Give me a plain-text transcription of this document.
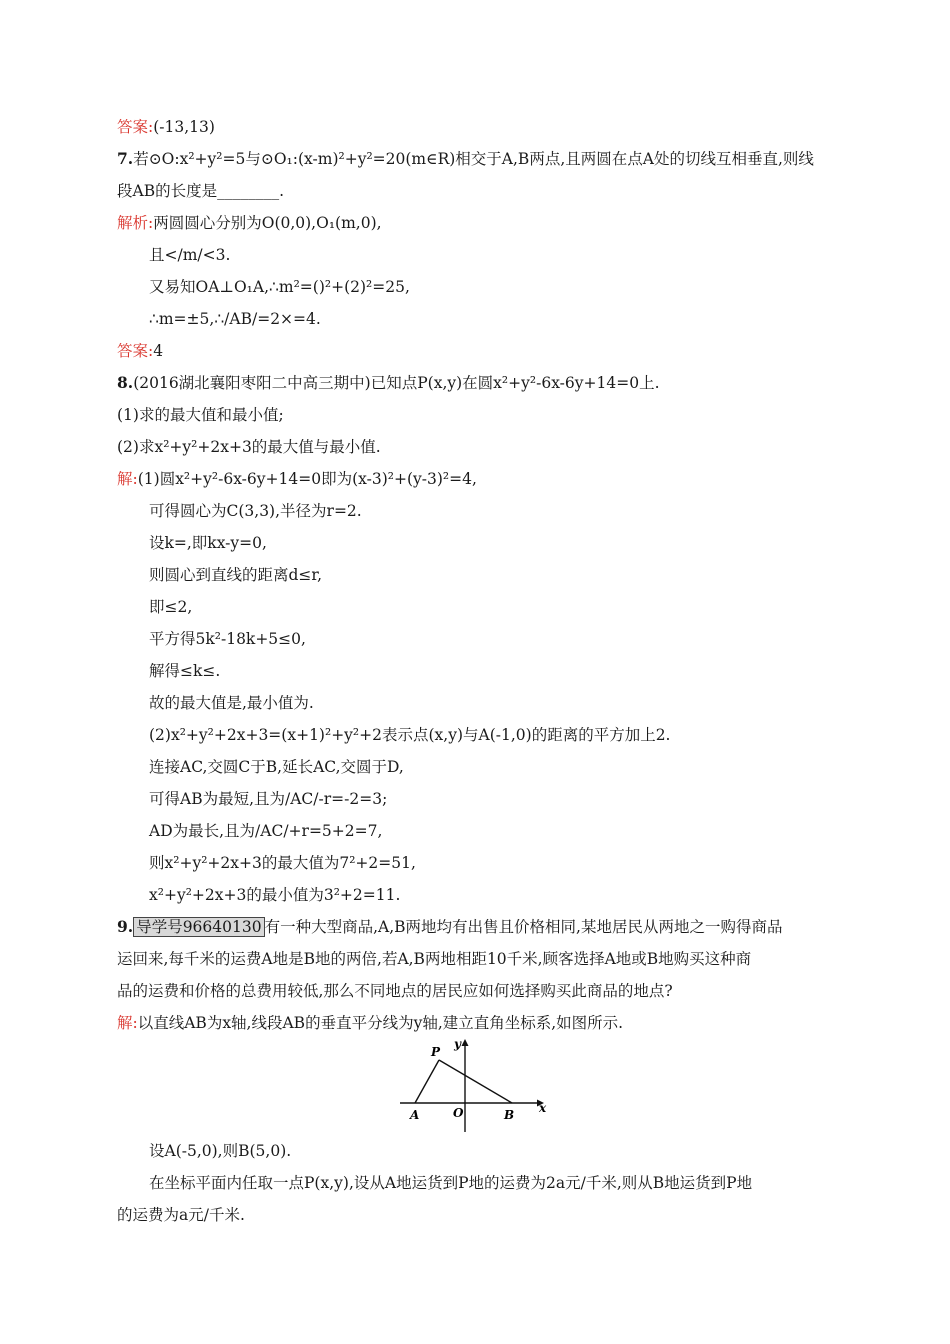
答案:(-13,13)
7.若⊙O:x²+y²=5与⊙O₁:(x-m)²+y²=20(m∈R)相交于A,B两点,且两圆在点A处的切线互相垂直,则线
段AB的长度是________.
解析:两圆圆心分别为O(0,0),O₁(m,0),
且</m/<3.
又易知OA⊥O₁A,∴m²=()²+(2)²=25,
∴m=±5,∴/AB/=2×=4.
答案:4
8.(2016湖北襄阳枣阳二中高三期中)已知点P(x,y)在圆x²+y²-6x-6y+14=0上.
(1)求的最大值和最小值;
(2)求x²+y²+2x+3的最大值与最小值.
解:(1)圆x²+y²-6x-6y+14=0即为(x-3)²+(y-3)²=4,
可得圆心为C(3,3),半径为r=2.
设k=,即kx-y=0,
则圆心到直线的距离d≤r,
即≤2,
平方得5k²-18k+5≤0,
解得≤k≤.
故的最大值是,最小值为.
(2)x²+y²+2x+3=(x+1)²+y²+2表示点(x,y)与A(-1,0)的距离的平方加上2.
连接AC,交圆C于B,延长AC,交圆于D,
可得AB为最短,且为/AC/-r=-2=3;
AD为最长,且为/AC/+r=5+2=7,
则x²+y²+2x+3的最大值为7²+2=51,
x²+y²+2x+3的最小值为3²+2=11.
9. 导学号96640130 有一种大型商品,A,B两地均有出售且价格相同,某地居民从两地之一购得商品
运回来,每千米的运费A地是B地的两倍,若A,B两地相距10千米,顾客选择A地或B地购买这种商
品的运费和价格的总费用较低,那么不同地点的居民应如何选择购买此商品的地点?
解:以直线AB为x轴,线段AB的垂直平分线为y轴,建立直角坐标系,如图所示.
P
y
A	O	B x
设A(-5,0),则B(5,0).
在坐标平面内任取一点P(x,y),设从A地运货到P地的运费为2a元/千米,则从B地运货到P地
的运费为a元/千米.
